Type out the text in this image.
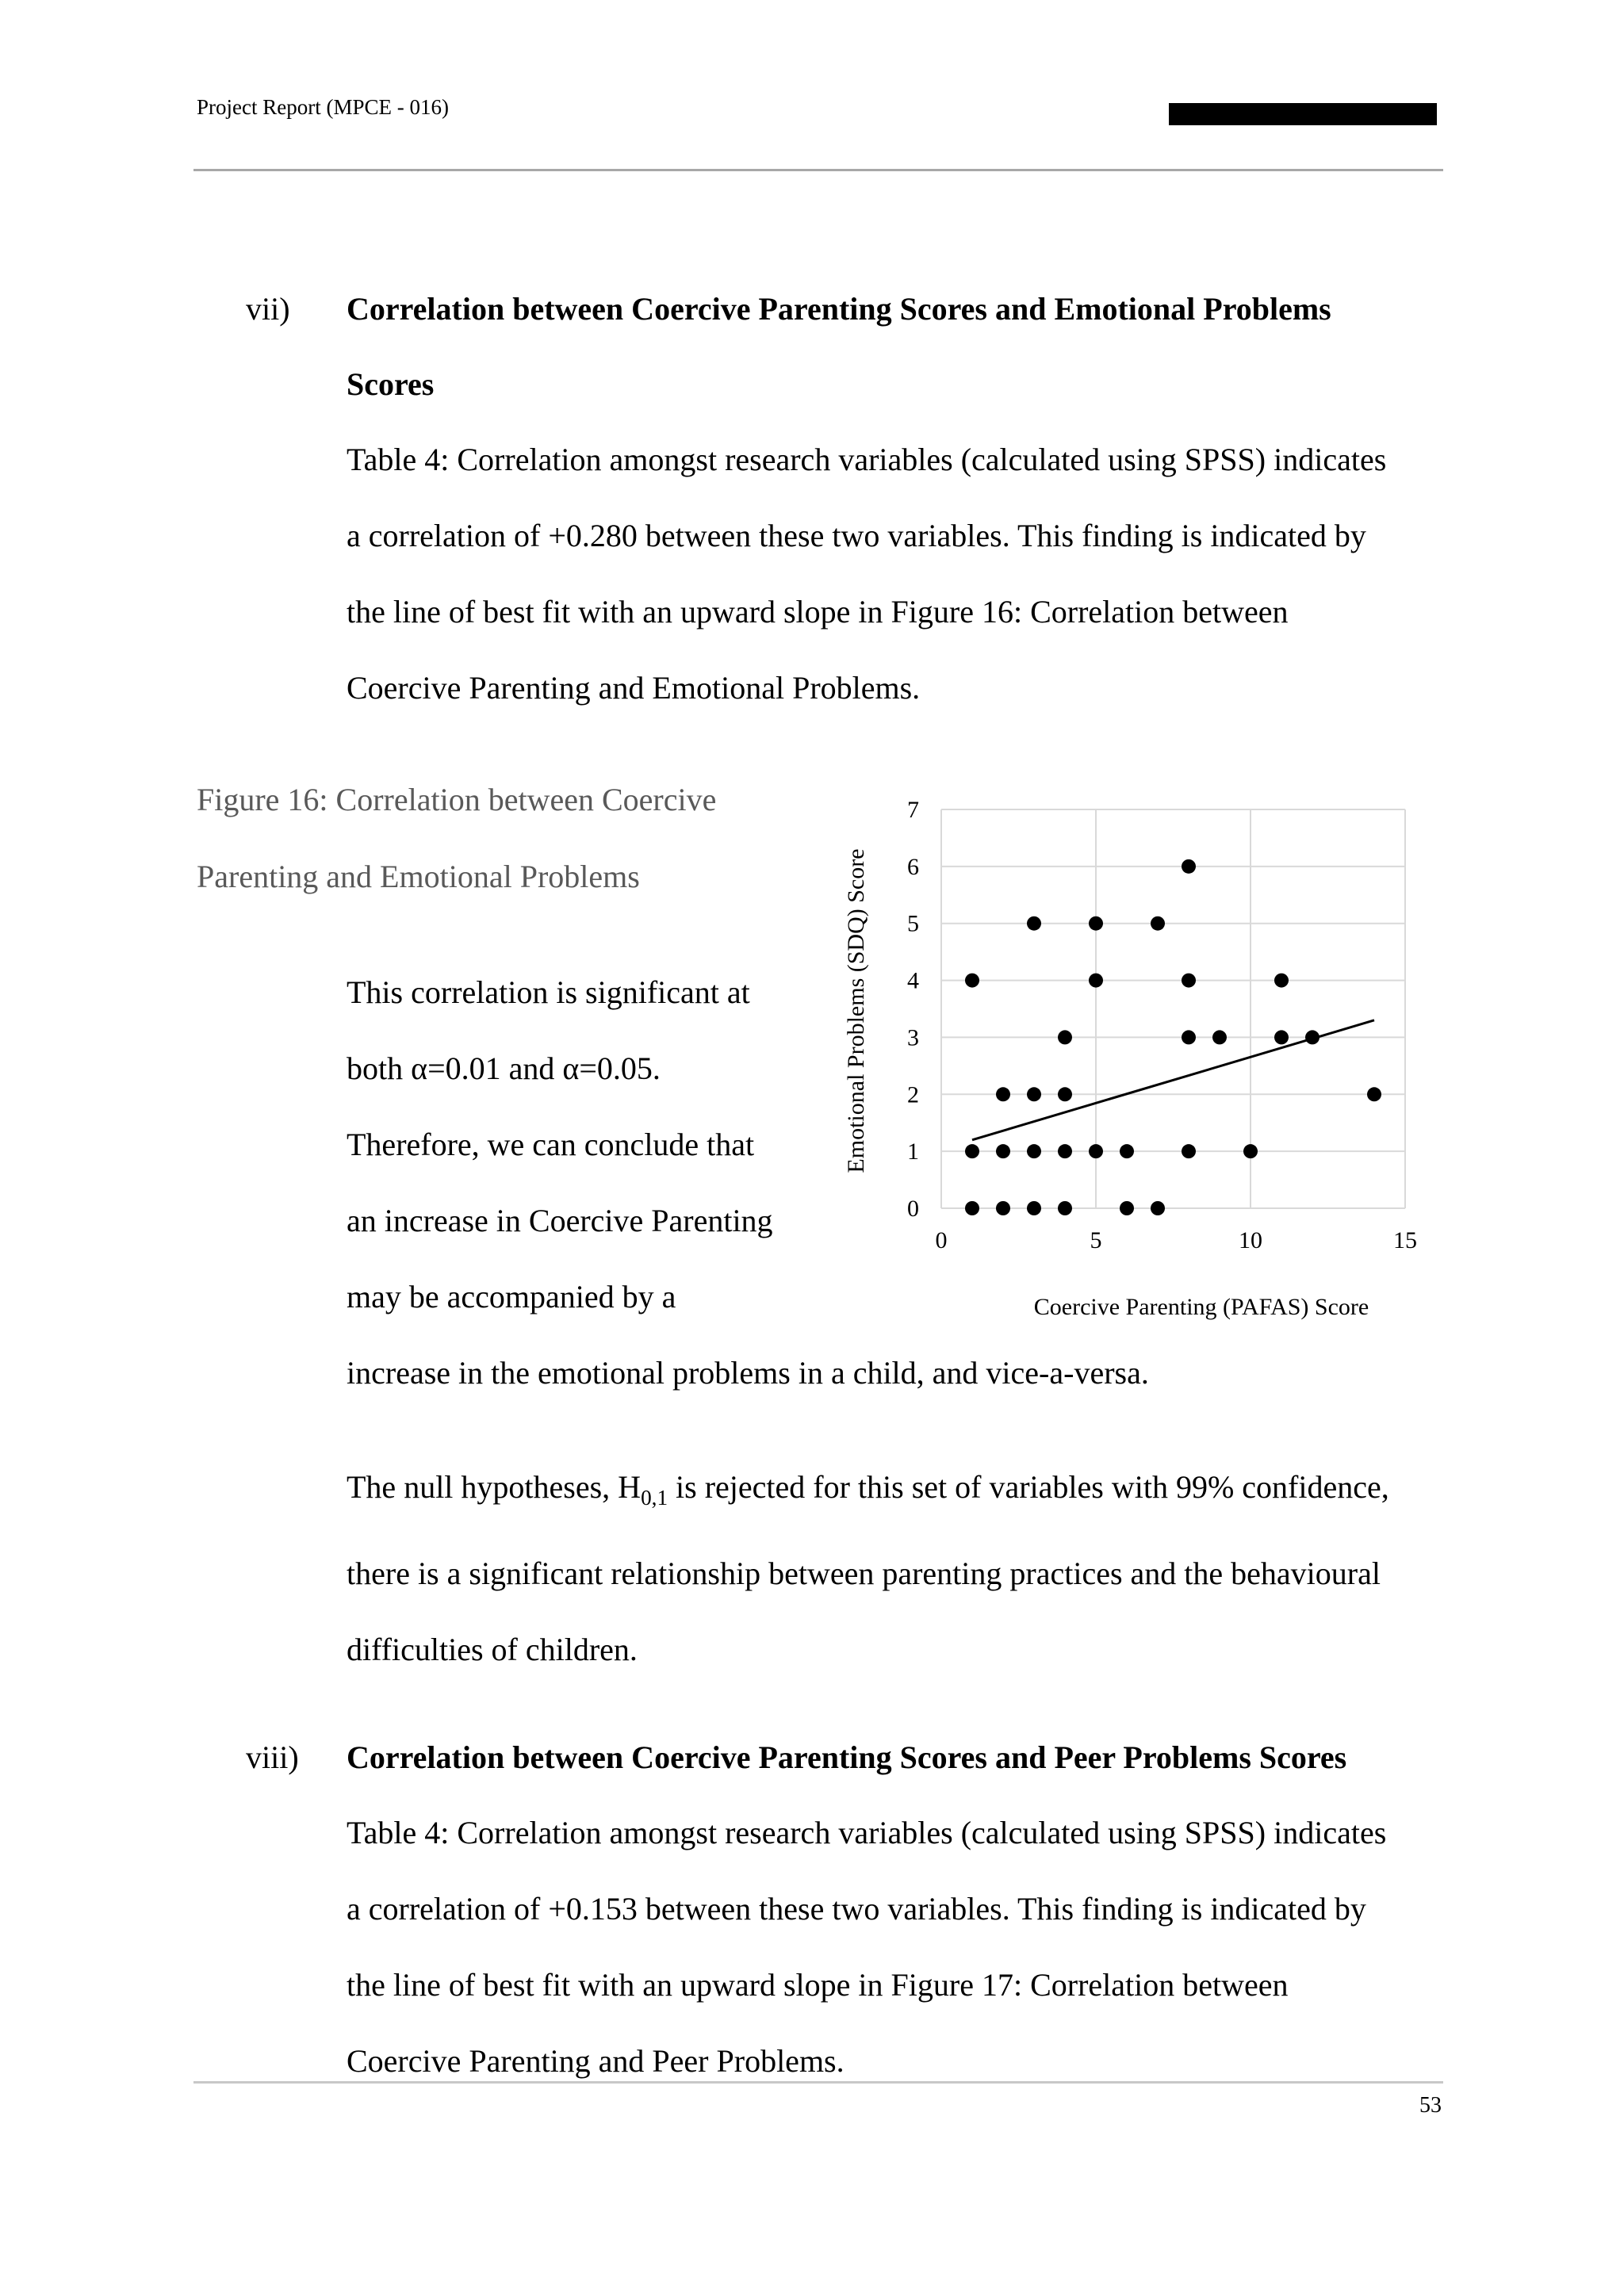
Project Report (MPCE - 016)
vii) Correlation between Coercive Parenting Scores and Emotional Problems
Scores

Table 4: Correlation amongst research variables (calculated using SPSS) indicates

a correlation of +0.280 between these two variables. This finding is indicated by

the line of best fit with an upward slope in Figure 16: Correlation between

Coercive Parenting and Emotional Problems.

Figure 16: Correlation between Coercive

Parenting and Emotional Problems

This correlation is significant at

both α=0.01 and α=0.05.

Therefore, we can conclude that

an increase in Coercive Parenting

may be accompanied by a

increase in the emotional problems in a child, and vice-a-versa.

0
1
2
3
4
5
6
7
0	5	10	15
Emotional Problems (SDQ) Score
Coercive Parenting (PAFAS) Score

The null hypotheses, $H_{0,1}$ is rejected for this set of variables with 99% confidence,

there is a significant relationship between parenting practices and the behavioural

difficulties of children.

viii) Correlation between Coercive Parenting Scores and Peer Problems Scores

Table 4: Correlation amongst research variables (calculated using SPSS) indicates

a correlation of +0.153 between these two variables. This finding is indicated by

the line of best fit with an upward slope in Figure 17: Correlation between

Coercive Parenting and Peer Problems.

53
